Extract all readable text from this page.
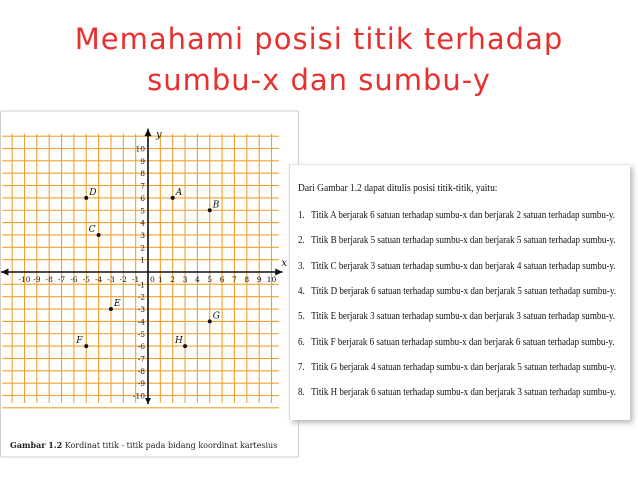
Memahami posisi titik terhadap
sumbu-x dan sumbu-y
x
y
-10 -9 -8 -7 -6 -5 -4 -3 -2 -1 1 2 3 4 5 6 7 8 9 10
10
9
8
7
6
5
4
3
2
1
-1
-2
-3
-4
-5
-6
-7
-8
-9
-10
0
A
B
C
D
E
F
G
H
Gambar 1.2 Kordinat titik - titik pada bidang koordinat kartesius
Dari Gambar 1.2 dapat ditulis posisi titik-titik, yaitu:
1. Titik A berjarak 6 satuan terhadap sumbu-x dan berjarak 2 satuan terhadap sumbu-y.
2. Titik B berjarak 5 satuan terhadap sumbu-x dan berjarak 5 satuan terhadap sumbu-y.
3. Titik C berjarak 3 satuan terhadap sumbu-x dan berjarak 4 satuan terhadap sumbu-y.
4. Titik D berjarak 6 satuan terhadap sumbu-x dan berjarak 5 satuan terhadap sumbu-y.
5. Titik E berjarak 3 satuan terhadap sumbu-x dan berjarak 3 satuan terhadap sumbu-y.
6. Titik F berjarak 6 satuan terhadap sumbu-x dan berjarak 6 satuan terhadap sumbu-y.
7. Titik G berjarak 4 satuan terhadap sumbu-x dan berjarak 5 satuan terhadap sumbu-y.
8. Titik H berjarak 6 satuan terhadap sumbu-x dan berjarak 3 satuan terhadap sumbu-y.
